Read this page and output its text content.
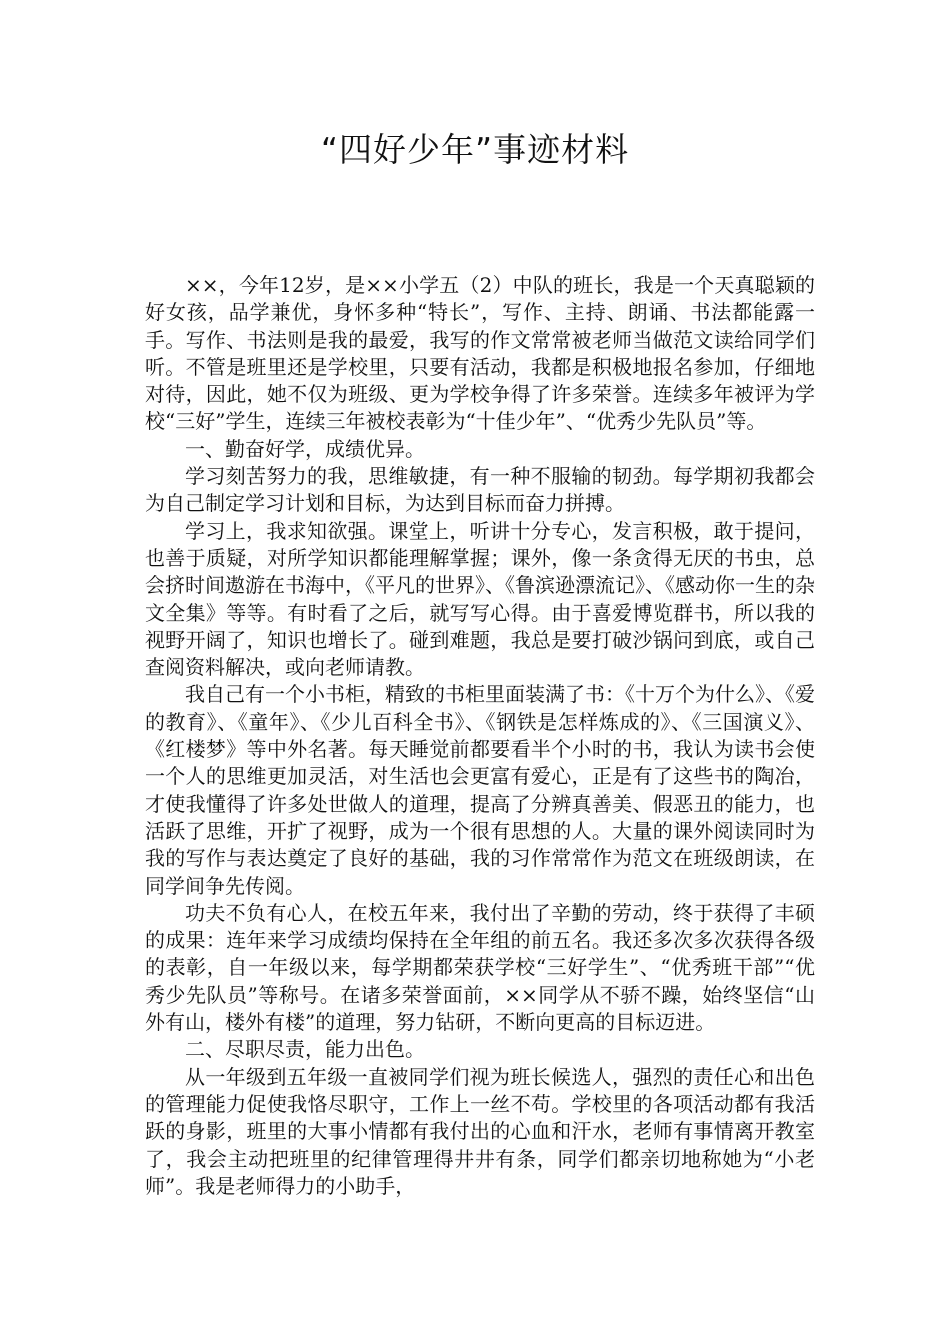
“四好少年”事迹材料

××，今年12岁，是××小学五（2）中队的班长，我是一个天真聪颖的好女孩，品学兼优，身怀多种“特长”，写作、主持、朗诵、书法都能露一手。写作、书法则是我的最爱，我写的作文常常被老师当做范文读给同学们听。不管是班里还是学校里，只要有活动，我都是积极地报名参加，仔细地对待，因此，她不仅为班级、更为学校争得了许多荣誉。连续多年被评为学校“三好”学生，连续三年被校表彰为“十佳少年”、“优秀少先队员”等。

一、勤奋好学，成绩优异。

学习刻苦努力的我，思维敏捷，有一种不服输的韧劲。每学期初我都会为自己制定学习计划和目标，为达到目标而奋力拼搏。

学习上，我求知欲强。课堂上，听讲十分专心，发言积极，敢于提问，也善于质疑，对所学知识都能理解掌握；课外，像一条贪得无厌的书虫，总会挤时间遨游在书海中，《平凡的世界》、《鲁滨逊漂流记》、《感动你一生的杂文全集》等等。有时看了之后，就写写心得。由于喜爱博览群书，所以我的视野开阔了，知识也增长了。碰到难题，我总是要打破沙锅问到底，或自己查阅资料解决，或向老师请教。

我自己有一个小书柜，精致的书柜里面装满了书：《十万个为什么》、《爱的教育》、《童年》、《少儿百科全书》、《钢铁是怎样炼成的》、《三国演义》、《红楼梦》等中外名著。每天睡觉前都要看半个小时的书，我认为读书会使一个人的思维更加灵活，对生活也会更富有爱心，正是有了这些书的陶冶，才使我懂得了许多处世做人的道理，提高了分辨真善美、假恶丑的能力，也活跃了思维，开扩了视野，成为一个很有思想的人。大量的课外阅读同时为我的写作与表达奠定了良好的基础，我的习作常常作为范文在班级朗读，在同学间争先传阅。

功夫不负有心人，在校五年来，我付出了辛勤的劳动，终于获得了丰硕的成果：连年来学习成绩均保持在全年组的前五名。我还多次多次获得各级的表彰，自一年级以来，每学期都荣获学校“三好学生”、“优秀班干部”“优秀少先队员”等称号。在诸多荣誉面前，××同学从不骄不躁，始终坚信“山外有山，楼外有楼”的道理，努力钻研，不断向更高的目标迈进。

二、尽职尽责，能力出色。

从一年级到五年级一直被同学们视为班长候选人，强烈的责任心和出色的管理能力促使我恪尽职守，工作上一丝不苟。学校里的各项活动都有我活跃的身影，班里的大事小情都有我付出的心血和汗水，老师有事情离开教室了，我会主动把班里的纪律管理得井井有条，同学们都亲切地称她为“小老师”。我是老师得力的小助手，
